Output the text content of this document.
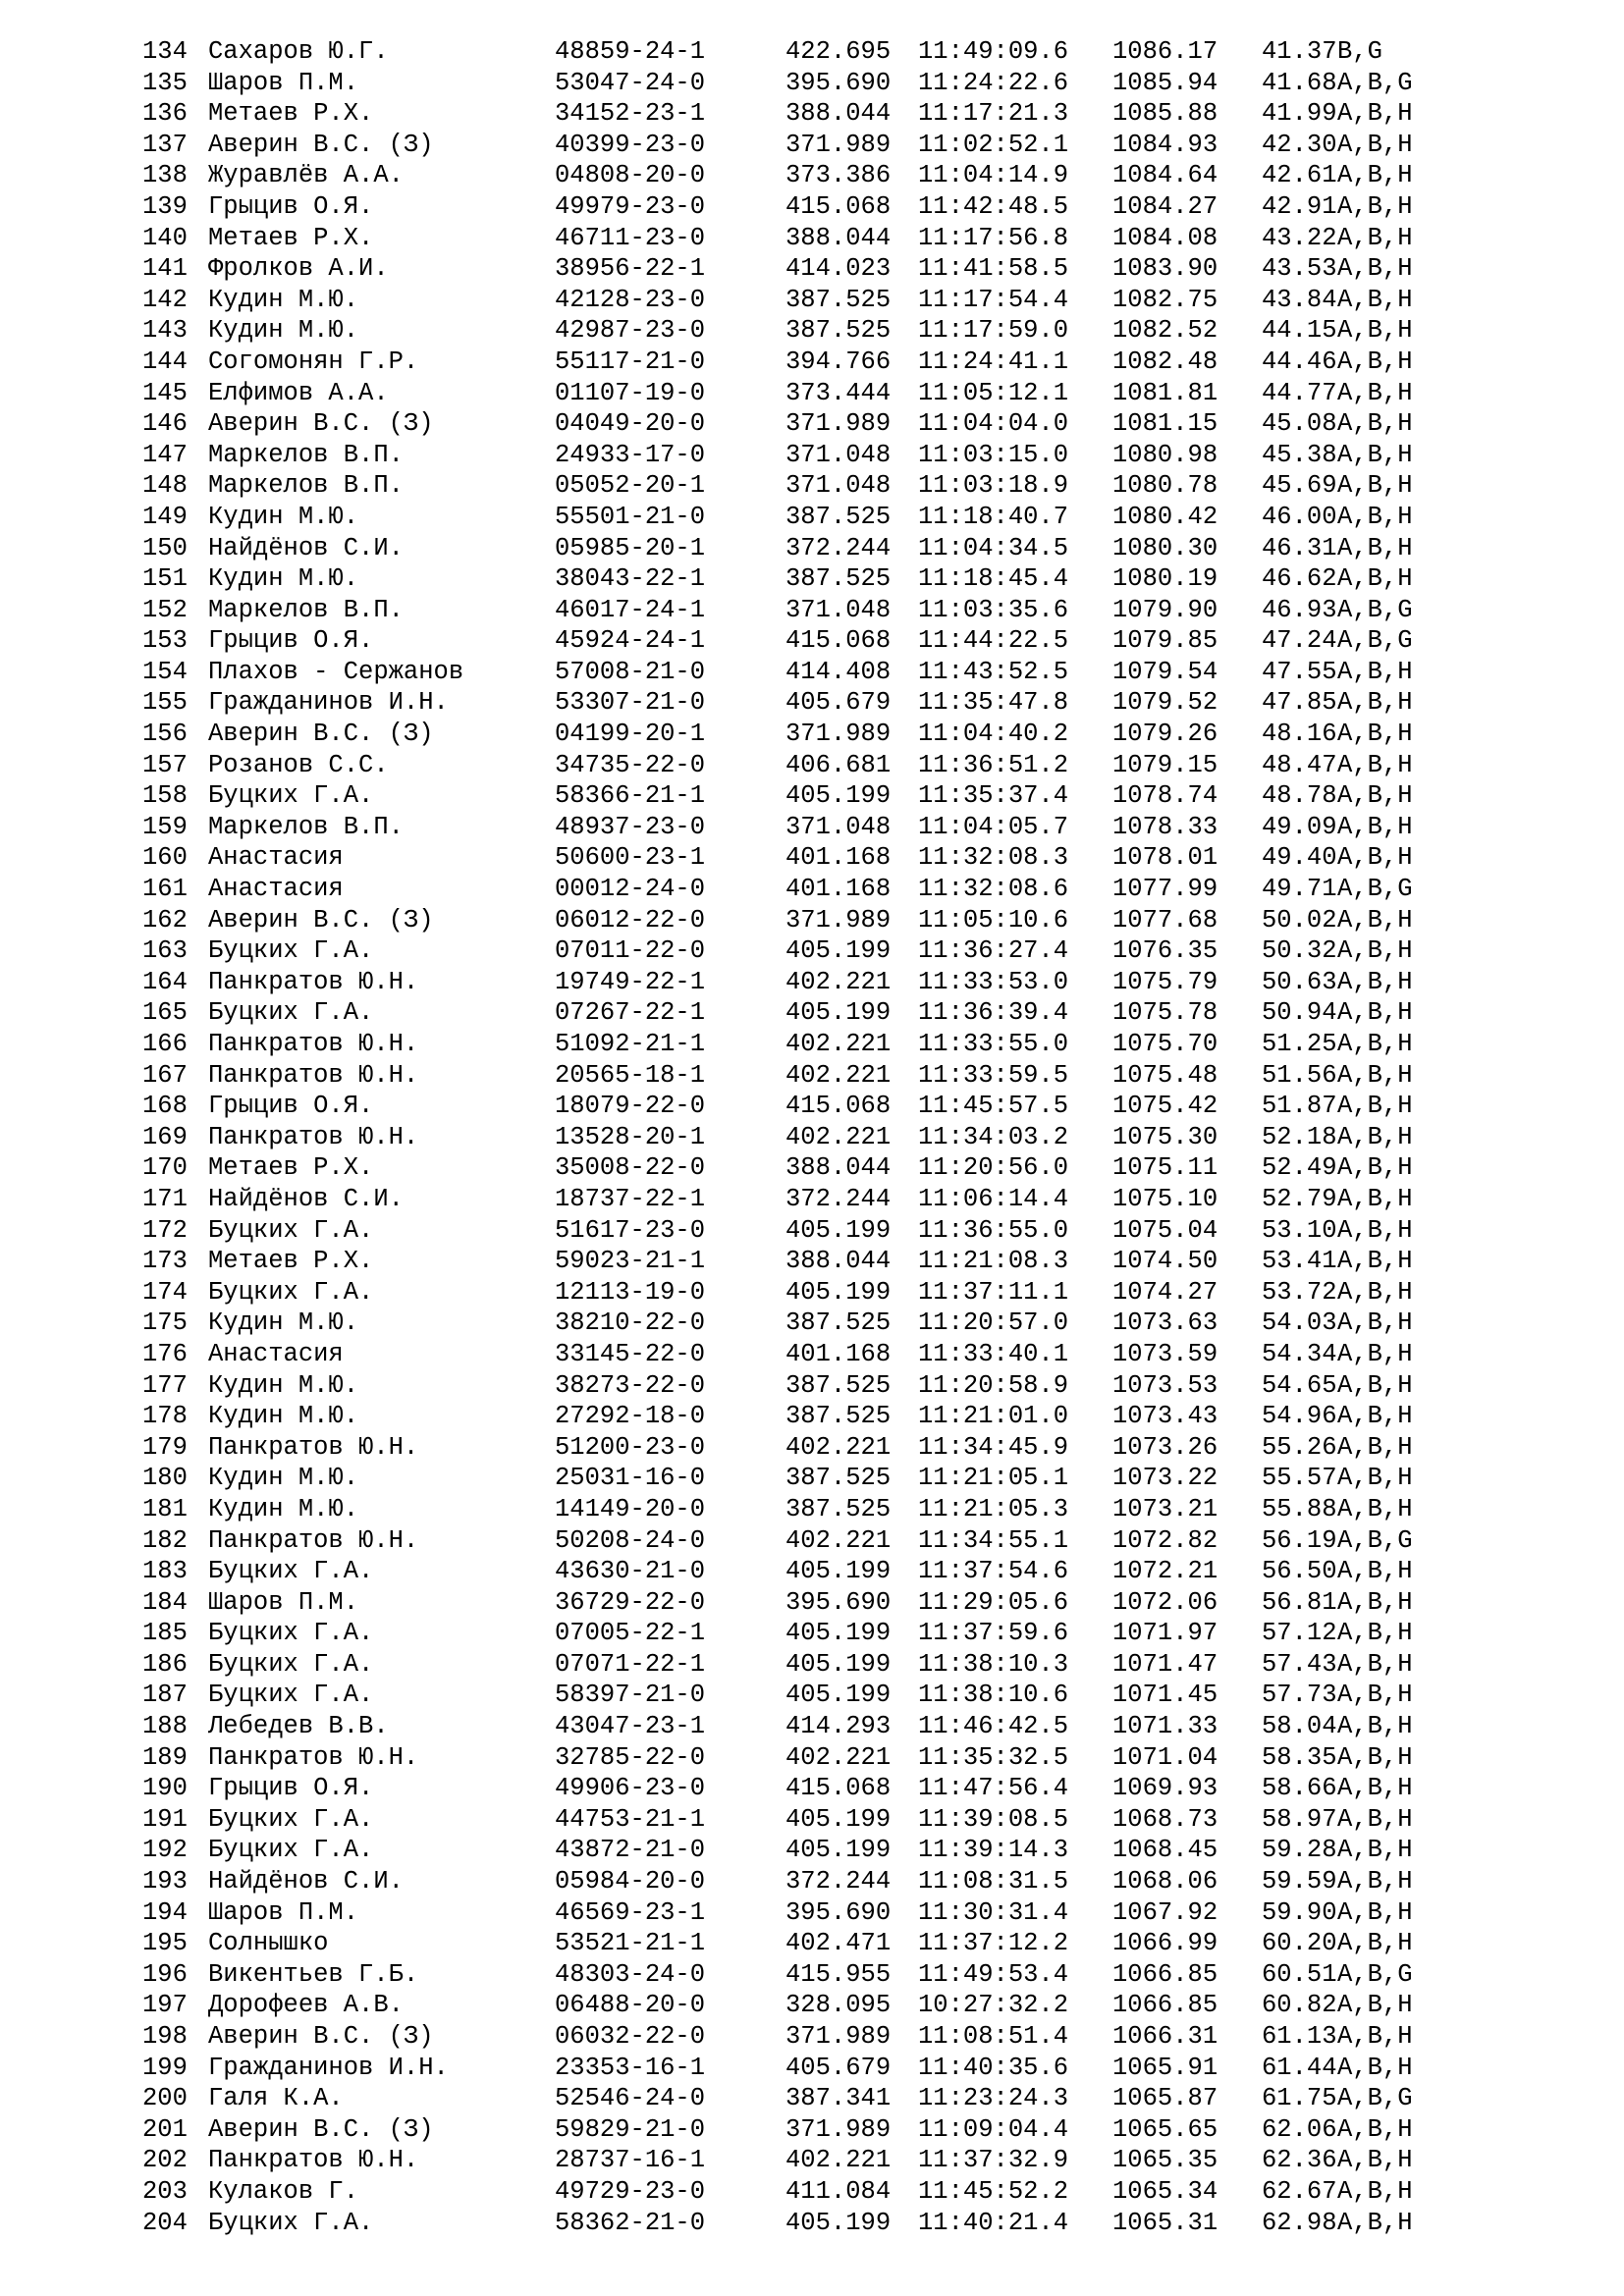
134 Сахаров Ю.Г.	48859-24-1	422.695 11:49:09.6 1086.17 41.37 B,G
135 Шаров П.М.	53047-24-0	395.690 11:24:22.6 1085.94 41.68 A,B,G
136 Метаев Р.Х.	34152-23-1	388.044 11:17:21.3 1085.88 41.99 A,B,H
137 Аверин В.С. (З)	40399-23-0	371.989 11:02:52.1 1084.93 42.30 A,B,H
138 Журавлёв А.А.	04808-20-0	373.386 11:04:14.9 1084.64 42.61 A,B,H
139 Грыцив О.Я.	49979-23-0	415.068 11:42:48.5 1084.27 42.91 A,B,H
140 Метаев Р.Х.	46711-23-0	388.044 11:17:56.8 1084.08 43.22 A,B,H
141 Фролков А.И.	38956-22-1	414.023 11:41:58.5 1083.90 43.53 A,B,H
142 Кудин М.Ю.	42128-23-0	387.525 11:17:54.4 1082.75 43.84 A,B,H
143 Кудин М.Ю.	42987-23-0	387.525 11:17:59.0 1082.52 44.15 A,B,H
144 Согомонян Г.Р.	55117-21-0	394.766 11:24:41.1 1082.48 44.46 A,B,H
145 Елфимов А.А.	01107-19-0	373.444 11:05:12.1 1081.81 44.77 A,B,H
146 Аверин В.С. (З)	04049-20-0	371.989 11:04:04.0 1081.15 45.08 A,B,H
147 Маркелов В.П.	24933-17-0	371.048 11:03:15.0 1080.98 45.38 A,B,H
148 Маркелов В.П.	05052-20-1	371.048 11:03:18.9 1080.78 45.69 A,B,H
149 Кудин М.Ю.	55501-21-0	387.525 11:18:40.7 1080.42 46.00 A,B,H
150 Найдёнов С.И.	05985-20-1	372.244 11:04:34.5 1080.30 46.31 A,B,H
151 Кудин М.Ю.	38043-22-1	387.525 11:18:45.4 1080.19 46.62 A,B,H
152 Маркелов В.П.	46017-24-1	371.048 11:03:35.6 1079.90 46.93 A,B,G
153 Грыцив О.Я.	45924-24-1	415.068 11:44:22.5 1079.85 47.24 A,B,G
154 Плахов - Сержанов	57008-21-0	414.408 11:43:52.5 1079.54 47.55 A,B,H
155 Гражданинов И.Н.	53307-21-0	405.679 11:35:47.8 1079.52 47.85 A,B,H
156 Аверин В.С. (З)	04199-20-1	371.989 11:04:40.2 1079.26 48.16 A,B,H
157 Розанов С.С.	34735-22-0	406.681 11:36:51.2 1079.15 48.47 A,B,H
158 Буцких Г.А.	58366-21-1	405.199 11:35:37.4 1078.74 48.78 A,B,H
159 Маркелов В.П.	48937-23-0	371.048 11:04:05.7 1078.33 49.09 A,B,H
160 Анастасия	50600-23-1	401.168 11:32:08.3 1078.01 49.40 A,B,H
161 Анастасия	00012-24-0	401.168 11:32:08.6 1077.99 49.71 A,B,G
162 Аверин В.С. (З)	06012-22-0	371.989 11:05:10.6 1077.68 50.02 A,B,H
163 Буцких Г.А.	07011-22-0	405.199 11:36:27.4 1076.35 50.32 A,B,H
164 Панкратов Ю.Н.	19749-22-1	402.221 11:33:53.0 1075.79 50.63 A,B,H
165 Буцких Г.А.	07267-22-1	405.199 11:36:39.4 1075.78 50.94 A,B,H
166 Панкратов Ю.Н.	51092-21-1	402.221 11:33:55.0 1075.70 51.25 A,B,H
167 Панкратов Ю.Н.	20565-18-1	402.221 11:33:59.5 1075.48 51.56 A,B,H
168 Грыцив О.Я.	18079-22-0	415.068 11:45:57.5 1075.42 51.87 A,B,H
169 Панкратов Ю.Н.	13528-20-1	402.221 11:34:03.2 1075.30 52.18 A,B,H
170 Метаев Р.Х.	35008-22-0	388.044 11:20:56.0 1075.11 52.49 A,B,H
171 Найдёнов С.И.	18737-22-1	372.244 11:06:14.4 1075.10 52.79 A,B,H
172 Буцких Г.А.	51617-23-0	405.199 11:36:55.0 1075.04 53.10 A,B,H
173 Метаев Р.Х.	59023-21-1	388.044 11:21:08.3 1074.50 53.41 A,B,H
174 Буцких Г.А.	12113-19-0	405.199 11:37:11.1 1074.27 53.72 A,B,H
175 Кудин М.Ю.	38210-22-0	387.525 11:20:57.0 1073.63 54.03 A,B,H
176 Анастасия	33145-22-0	401.168 11:33:40.1 1073.59 54.34 A,B,H
177 Кудин М.Ю.	38273-22-0	387.525 11:20:58.9 1073.53 54.65 A,B,H
178 Кудин М.Ю.	27292-18-0	387.525 11:21:01.0 1073.43 54.96 A,B,H
179 Панкратов Ю.Н.	51200-23-0	402.221 11:34:45.9 1073.26 55.26 A,B,H
180 Кудин М.Ю.	25031-16-0	387.525 11:21:05.1 1073.22 55.57 A,B,H
181 Кудин М.Ю.	14149-20-0	387.525 11:21:05.3 1073.21 55.88 A,B,H
182 Панкратов Ю.Н.	50208-24-0	402.221 11:34:55.1 1072.82 56.19 A,B,G
183 Буцких Г.А.	43630-21-0	405.199 11:37:54.6 1072.21 56.50 A,B,H
184 Шаров П.М.	36729-22-0	395.690 11:29:05.6 1072.06 56.81 A,B,H
185 Буцких Г.А.	07005-22-1	405.199 11:37:59.6 1071.97 57.12 A,B,H
186 Буцких Г.А.	07071-22-1	405.199 11:38:10.3 1071.47 57.43 A,B,H
187 Буцких Г.А.	58397-21-0	405.199 11:38:10.6 1071.45 57.73 A,B,H
188 Лебедев В.В.	43047-23-1	414.293 11:46:42.5 1071.33 58.04 A,B,H
189 Панкратов Ю.Н.	32785-22-0	402.221 11:35:32.5 1071.04 58.35 A,B,H
190 Грыцив О.Я.	49906-23-0	415.068 11:47:56.4 1069.93 58.66 A,B,H
191 Буцких Г.А.	44753-21-1	405.199 11:39:08.5 1068.73 58.97 A,B,H
192 Буцких Г.А.	43872-21-0	405.199 11:39:14.3 1068.45 59.28 A,B,H
193 Найдёнов С.И.	05984-20-0	372.244 11:08:31.5 1068.06 59.59 A,B,H
194 Шаров П.М.	46569-23-1	395.690 11:30:31.4 1067.92 59.90 A,B,H
195 Солнышко	53521-21-1	402.471 11:37:12.2 1066.99 60.20 A,B,H
196 Викентьев Г.Б.	48303-24-0	415.955 11:49:53.4 1066.85 60.51 A,B,G
197 Дорофеев А.В.	06488-20-0	328.095 10:27:32.2 1066.85 60.82 A,B,H
198 Аверин В.С. (З)	06032-22-0	371.989 11:08:51.4 1066.31 61.13 A,B,H
199 Гражданинов И.Н.	23353-16-1	405.679 11:40:35.6 1065.91 61.44 A,B,H
200 Галя К.А.	52546-24-0	387.341 11:23:24.3 1065.87 61.75 A,B,G
201 Аверин В.С. (З)	59829-21-0	371.989 11:09:04.4 1065.65 62.06 A,B,H
202 Панкратов Ю.Н.	28737-16-1	402.221 11:37:32.9 1065.35 62.36 A,B,H
203 Кулаков Г.	49729-23-0	411.084 11:45:52.2 1065.34 62.67 A,B,H
204 Буцких Г.А.	58362-21-0	405.199 11:40:21.4 1065.31 62.98 A,B,H
